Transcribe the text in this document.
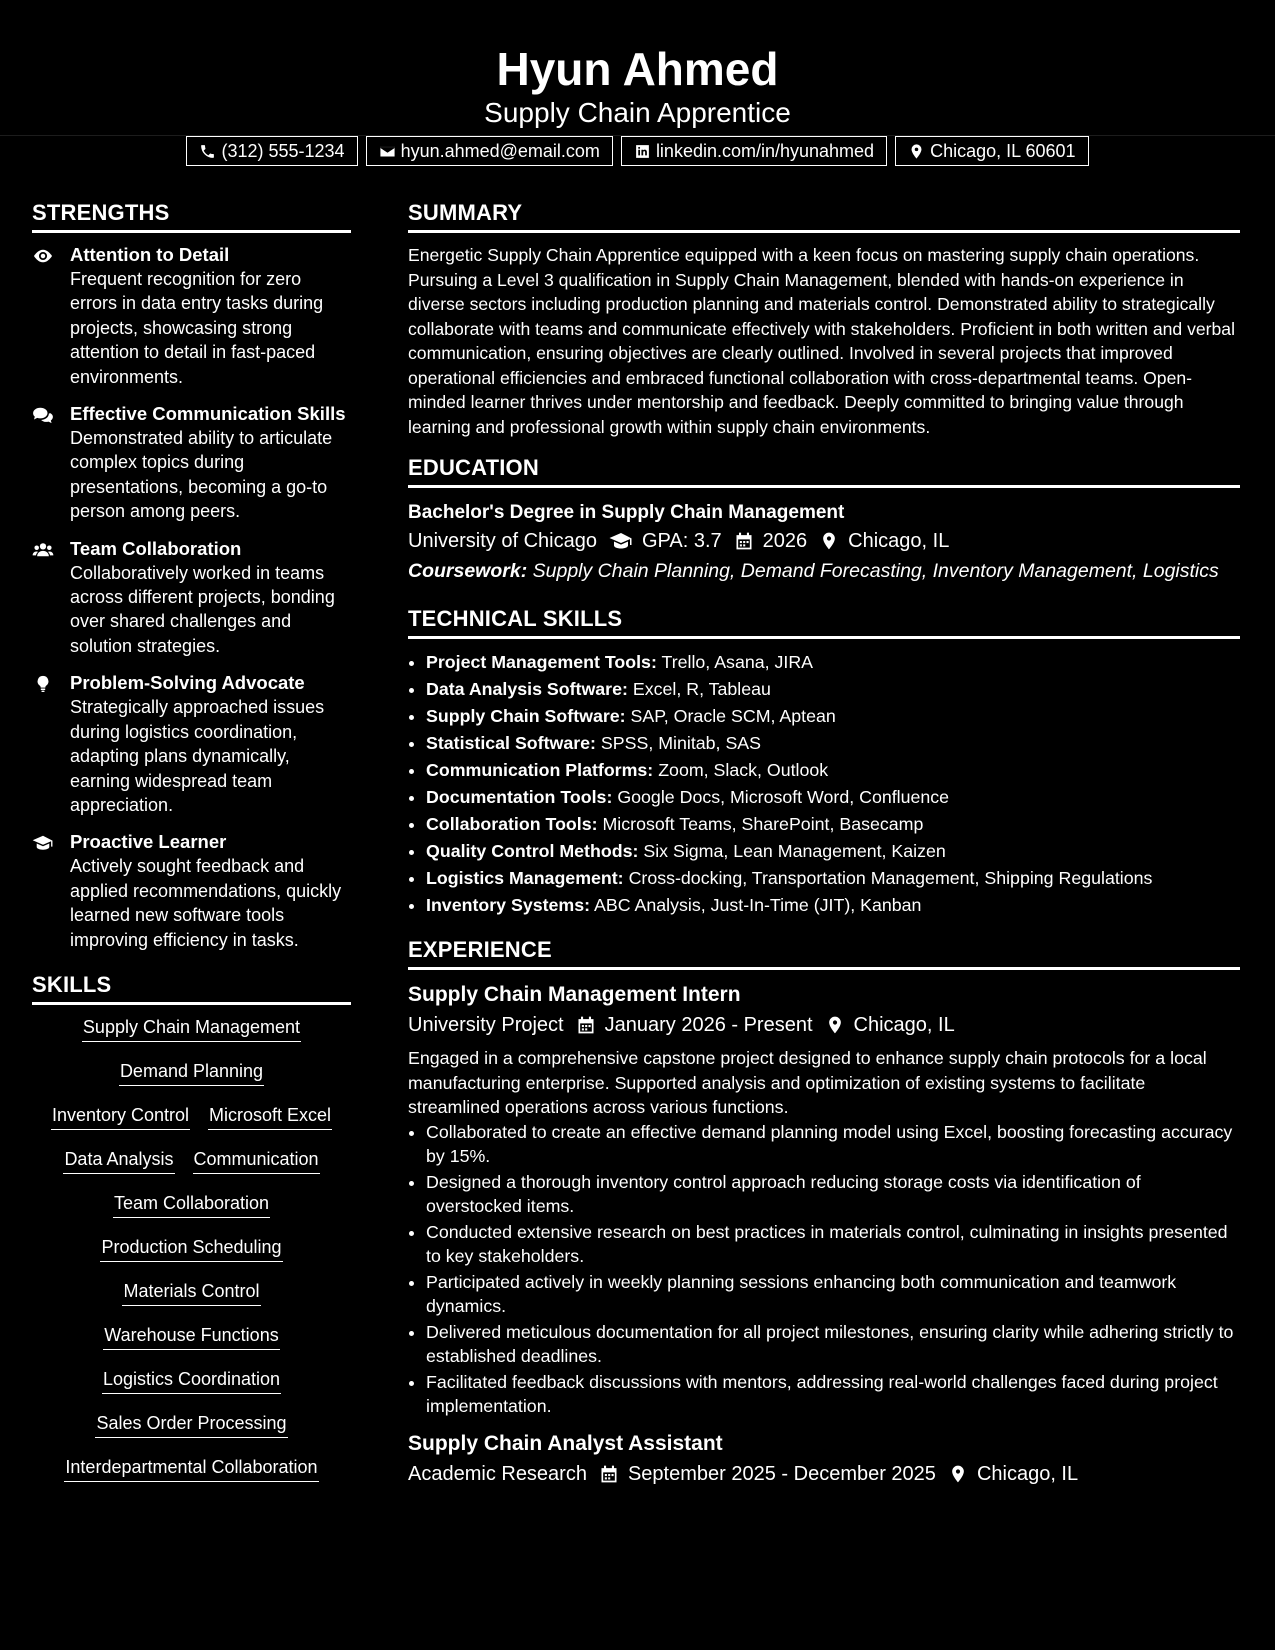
Hyun Ahmed
Supply Chain Apprentice
(312) 555-1234	hyun.ahmed@email.com	linkedin.com/in/hyunahmed	Chicago, IL 60601
STRENGTHS
Attention to Detail
Frequent recognition for zero errors in data entry tasks during projects, showcasing strong attention to detail in fast-paced environments.
Effective Communication Skills
Demonstrated ability to articulate complex topics during presentations, becoming a go-to person among peers.
Team Collaboration
Collaboratively worked in teams across different projects, bonding over shared challenges and solution strategies.
Problem-Solving Advocate
Strategically approached issues during logistics coordination, adapting plans dynamically, earning widespread team appreciation.
Proactive Learner
Actively sought feedback and applied recommendations, quickly learned new software tools improving efficiency in tasks.
SKILLS
Supply Chain Management
Demand Planning
Inventory Control Microsoft Excel
Data Analysis Communication
Team Collaboration
Production Scheduling
Materials Control
Warehouse Functions
Logistics Coordination
Sales Order Processing
Interdepartmental Collaboration
SUMMARY
Energetic Supply Chain Apprentice equipped with a keen focus on mastering supply chain operations. Pursuing a Level 3 qualification in Supply Chain Management, blended with hands-on experience in diverse sectors including production planning and materials control. Demonstrated ability to strategically collaborate with teams and communicate effectively with stakeholders. Proficient in both written and verbal communication, ensuring objectives are clearly outlined. Involved in several projects that improved operational efficiencies and embraced functional collaboration with cross-departmental teams. Open-minded learner thrives under mentorship and feedback. Deeply committed to bringing value through learning and professional growth within supply chain environments.
EDUCATION
Bachelor's Degree in Supply Chain Management
University of Chicago GPA: 3.7 2026 Chicago, IL
Coursework: Supply Chain Planning, Demand Forecasting, Inventory Management, Logistics
TECHNICAL SKILLS
• Project Management Tools: Trello, Asana, JIRA
• Data Analysis Software: Excel, R, Tableau
• Supply Chain Software: SAP, Oracle SCM, Aptean
• Statistical Software: SPSS, Minitab, SAS
• Communication Platforms: Zoom, Slack, Outlook
• Documentation Tools: Google Docs, Microsoft Word, Confluence
• Collaboration Tools: Microsoft Teams, SharePoint, Basecamp
• Quality Control Methods: Six Sigma, Lean Management, Kaizen
• Logistics Management: Cross-docking, Transportation Management, Shipping Regulations
• Inventory Systems: ABC Analysis, Just-In-Time (JIT), Kanban
EXPERIENCE
Supply Chain Management Intern
University Project January 2026 - Present Chicago, IL
Engaged in a comprehensive capstone project designed to enhance supply chain protocols for a local manufacturing enterprise. Supported analysis and optimization of existing systems to facilitate streamlined operations across various functions.
• Collaborated to create an effective demand planning model using Excel, boosting forecasting accuracy by 15%.
• Designed a thorough inventory control approach reducing storage costs via identification of overstocked items.
• Conducted extensive research on best practices in materials control, culminating in insights presented to key stakeholders.
• Participated actively in weekly planning sessions enhancing both communication and teamwork dynamics.
• Delivered meticulous documentation for all project milestones, ensuring clarity while adhering strictly to established deadlines.
• Facilitated feedback discussions with mentors, addressing real-world challenges faced during project implementation.
Supply Chain Analyst Assistant
Academic Research September 2025 - December 2025 Chicago, IL
